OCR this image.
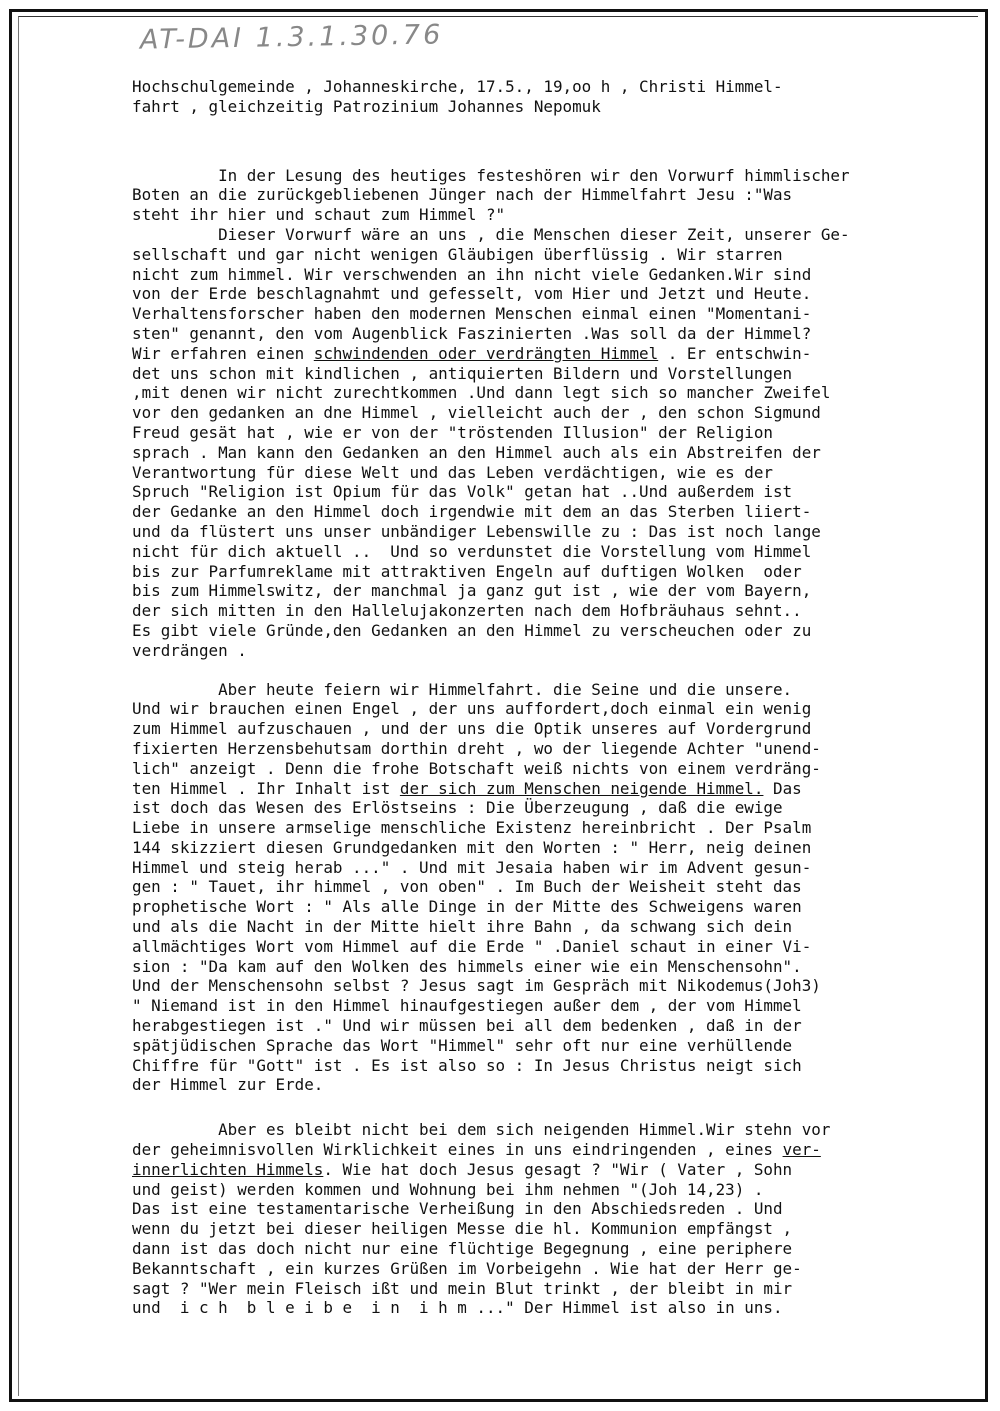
AT-DAI 1.3.1.30.76
Hochschulgemeinde , Johanneskirche, 17.5., 19,oo h , Christi Himmel-
fahrt , gleichzeitig Patrozinium Johannes Nepomuk
In der Lesung des heutiges festeshören wir den Vorwurf himmlischer
Boten an die zurückgebliebenen Jünger nach der Himmelfahrt Jesu :"Was
steht ihr hier und schaut zum Himmel ?"
Dieser Vorwurf wäre an uns , die Menschen dieser Zeit, unserer Ge-
sellschaft und gar nicht wenigen Gläubigen überflüssig . Wir starren
nicht zum himmel. Wir verschwenden an ihn nicht viele Gedanken.Wir sind
von der Erde beschlagnahmt und gefesselt, vom Hier und Jetzt und Heute.
Verhaltensforscher haben den modernen Menschen einmal einen "Momentani-
sten" genannt, den vom Augenblick Faszinierten .Was soll da der Himmel?
Wir erfahren einen schwindenden oder verdrängten Himmel . Er entschwin-
det uns schon mit kindlichen , antiquierten Bildern und Vorstellungen
,mit denen wir nicht zurechtkommen .Und dann legt sich so mancher Zweifel
vor den gedanken an dne Himmel , vielleicht auch der , den schon Sigmund
Freud gesät hat , wie er von der "tröstenden Illusion" der Religion
sprach . Man kann den Gedanken an den Himmel auch als ein Abstreifen der
Verantwortung für diese Welt und das Leben verdächtigen, wie es der
Spruch "Religion ist Opium für das Volk" getan hat ..Und außerdem ist
der Gedanke an den Himmel doch irgendwie mit dem an das Sterben liiert-
und da flüstert uns unser unbändiger Lebenswille zu : Das ist noch lange
nicht für dich aktuell ..  Und so verdunstet die Vorstellung vom Himmel
bis zur Parfumreklame mit attraktiven Engeln auf duftigen Wolken  oder
bis zum Himmelswitz, der manchmal ja ganz gut ist , wie der vom Bayern,
der sich mitten in den Hallelujakonzerten nach dem Hofbräuhaus sehnt..
Es gibt viele Gründe,den Gedanken an den Himmel zu verscheuchen oder zu
verdrängen .
Aber heute feiern wir Himmelfahrt. die Seine und die unsere.
Und wir brauchen einen Engel , der uns auffordert,doch einmal ein wenig
zum Himmel aufzuschauen , und der uns die Optik unseres auf Vordergrund
fixierten Herzensbehutsam dorthin dreht , wo der liegende Achter "unend-
lich" anzeigt . Denn die frohe Botschaft weiß nichts von einem verdräng-
ten Himmel . Ihr Inhalt ist der sich zum Menschen neigende Himmel. Das
ist doch das Wesen des Erlöstseins : Die Überzeugung , daß die ewige
Liebe in unsere armselige menschliche Existenz hereinbricht . Der Psalm
144 skizziert diesen Grundgedanken mit den Worten : " Herr, neig deinen
Himmel und steig herab ..." . Und mit Jesaia haben wir im Advent gesun-
gen : " Tauet, ihr himmel , von oben" . Im Buch der Weisheit steht das
prophetische Wort : " Als alle Dinge in der Mitte des Schweigens waren
und als die Nacht in der Mitte hielt ihre Bahn , da schwang sich dein
allmächtiges Wort vom Himmel auf die Erde " .Daniel schaut in einer Vi-
sion : "Da kam auf den Wolken des himmels einer wie ein Menschensohn".
Und der Menschensohn selbst ? Jesus sagt im Gespräch mit Nikodemus(Joh3)
" Niemand ist in den Himmel hinaufgestiegen außer dem , der vom Himmel
herabgestiegen ist ." Und wir müssen bei all dem bedenken , daß in der
spätjüdischen Sprache das Wort "Himmel" sehr oft nur eine verhüllende
Chiffre für "Gott" ist . Es ist also so : In Jesus Christus neigt sich
der Himmel zur Erde.
Aber es bleibt nicht bei dem sich neigenden Himmel.Wir stehn vor
der geheimnisvollen Wirklichkeit eines in uns eindringenden , eines ver-
innerlichten Himmels. Wie hat doch Jesus gesagt ? "Wir ( Vater , Sohn
und geist) werden kommen und Wohnung bei ihm nehmen "(Joh 14,23) .
Das ist eine testamentarische Verheißung in den Abschiedsreden . Und
wenn du jetzt bei dieser heiligen Messe die hl. Kommunion empfängst ,
dann ist das doch nicht nur eine flüchtige Begegnung , eine periphere
Bekanntschaft , ein kurzes Grüßen im Vorbeigehn . Wie hat der Herr ge-
sagt ? "Wer mein Fleisch ißt und mein Blut trinkt , der bleibt in mir
und  i c h  b l e i b e  i n  i h m ..." Der Himmel ist also in uns.
